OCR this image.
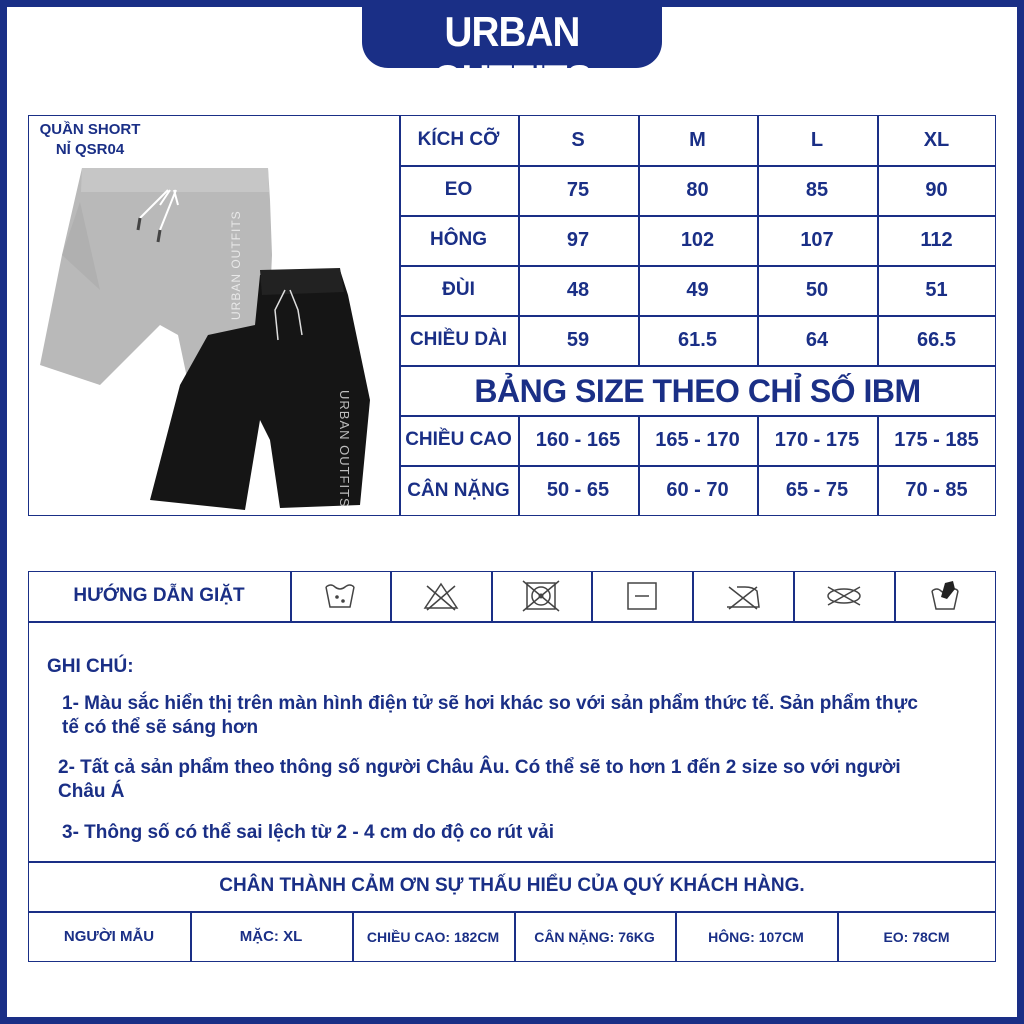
URBAN OUTFITS
QUẦN SHORT
NỈ QSR04
URBAN OUTFITS
URBAN OUTFITS
KÍCH CỠ	S	M	L	XL
EO	75	80	85	90
HÔNG	97	102	107	112
ĐÙI	48	49	50	51
CHIỀU DÀI	59	61.5	64	66.5
BẢNG SIZE THEO CHỈ SỐ IBM
CHIỀU CAO	160 - 165	165 - 170	170 - 175	175 - 185
CÂN NẶNG	50 - 65	60 - 70	65 - 75	70 - 85
HƯỚNG DẪN GIẶT
GHI CHÚ:
1- Màu sắc hiển thị trên màn hình điện tử sẽ hơi khác so với sản phẩm thức tế. Sản phẩm thực
tế có thể sẽ sáng hơn
2- Tất cả sản phẩm theo thông số người Châu Âu. Có thể sẽ to hơn 1 đến 2 size so với người
Châu Á
3- Thông số có thể sai lệch từ 2 - 4 cm do độ co rút vải
CHÂN THÀNH CẢM ƠN SỰ THẤU HIỂU CỦA QUÝ KHÁCH HÀNG.
NGƯỜI MẪU	MẶC: XL	CHIỀU CAO: 182CM	CÂN NẶNG: 76KG	HÔNG: 107CM	EO: 78CM
